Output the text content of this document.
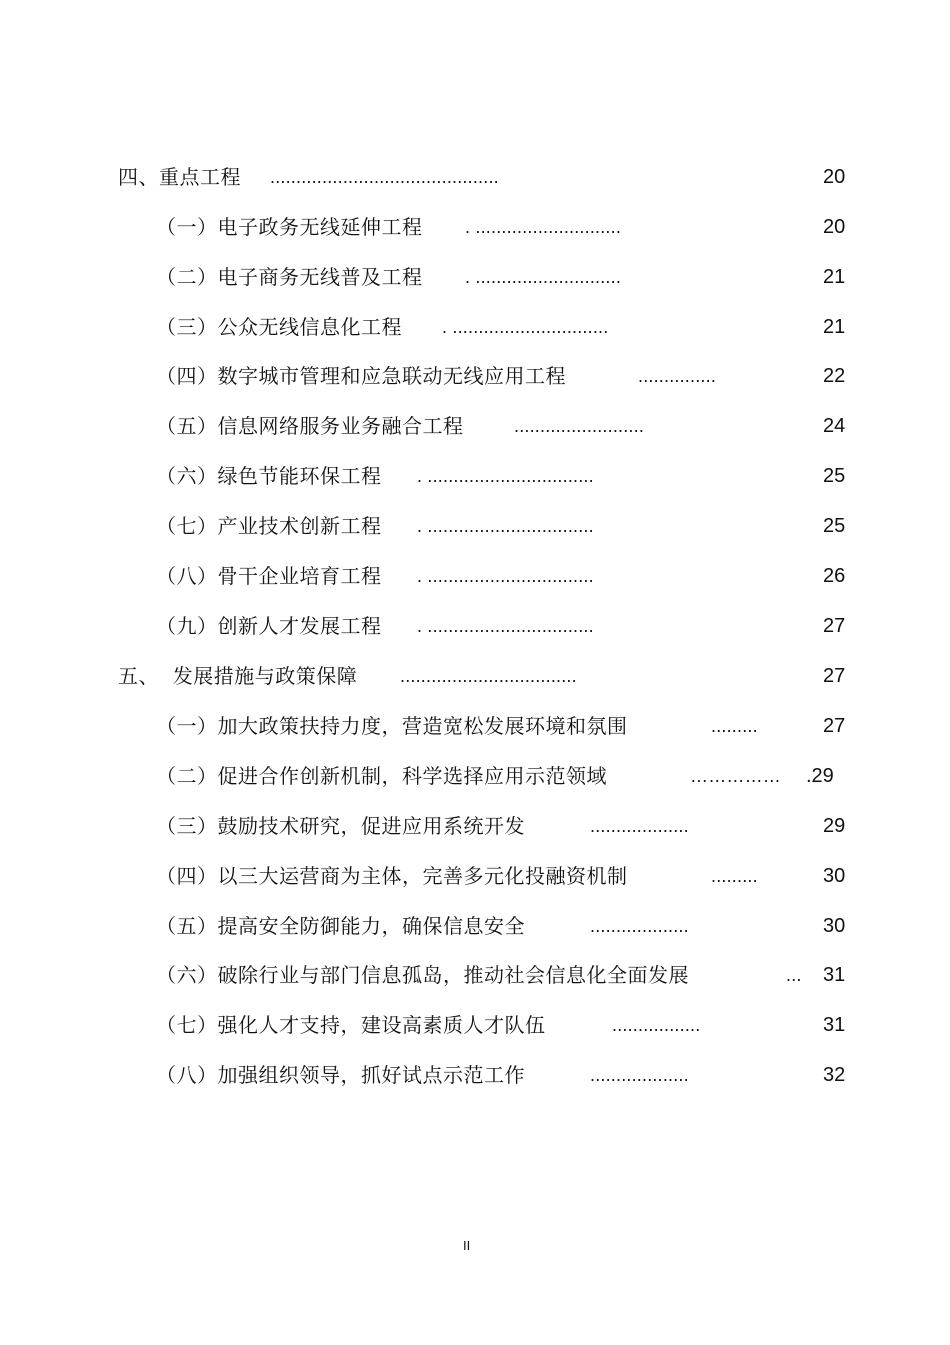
四、重点工程 ............................................	20
（一）电子政务无线延伸工程 . ............................	20
（二）电子商务无线普及工程 . ............................	21
（三）公众无线信息化工程 . ..............................	21
（四）数字城市管理和应急联动无线应用工程	...............	22
（五）信息网络服务业务融合工程	.........................	24
（六）绿色节能环保工程 . ................................	25
（七）产业技术创新工程 . ................................	25
（八）骨干企业培育工程 . ................................	26
（九）创新人才发展工程 . ................................	27
五、  发展措施与政策保障 ..................................	27
（一）加大政策扶持力度，营造宽松发展环境和氛围	.........	27
（二）促进合作创新机制，科学选择应用示范领域	…………… .29
（三）鼓励技术研究，促进应用系统开发	...................	29
（四）以三大运营商为主体，完善多元化投融资机制	.........	30
（五）提高安全防御能力，确保信息安全	...................	30
（六）破除行业与部门信息孤岛，推动社会信息化全面发展	... 31
（七）强化人才支持，建设高素质人才队伍	.................	31
（八）加强组织领导，抓好试点示范工作	...................	32
II
